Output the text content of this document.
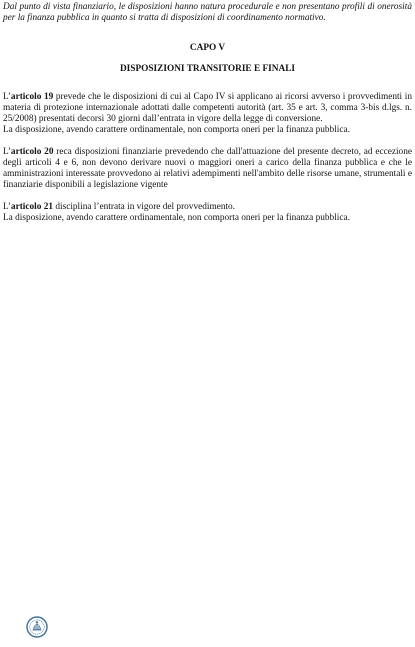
Dal punto di vista finanziario, le disposizioni hanno natura procedurale e non presentano profili di onerosità per la finanza pubblica in quanto si tratta di disposizioni di coordinamento normativo.

CAPO V

DISPOSIZIONI TRANSITORIE E FINALI

L’articolo 19 prevede che le disposizioni di cui al Capo IV si applicano ai ricorsi avverso i provvedimenti in materia di protezione internazionale adottati dalle competenti autorità (art. 35 e art. 3, comma 3-bis d.lgs. n. 25/2008) presentati decorsi 30 giorni dall’entrata in vigore della legge di conversione.

La disposizione, avendo carattere ordinamentale, non comporta oneri per la finanza pubblica.

L’articolo 20 reca disposizioni finanziarie prevedendo che dall'attuazione del presente decreto, ad eccezione degli articoli 4 e 6, non devono derivare nuovi o maggiori oneri a carico della finanza pubblica e che le amministrazioni interessate provvedono ai relativi adempimenti nell'ambito delle risorse umane, strumentali e finanziarie disponibili a legislazione vigente

L’articolo 21 disciplina l’entrata in vigore del provvedimento.

La disposizione, avendo carattere ordinamentale, non comporta oneri per la finanza pubblica.
